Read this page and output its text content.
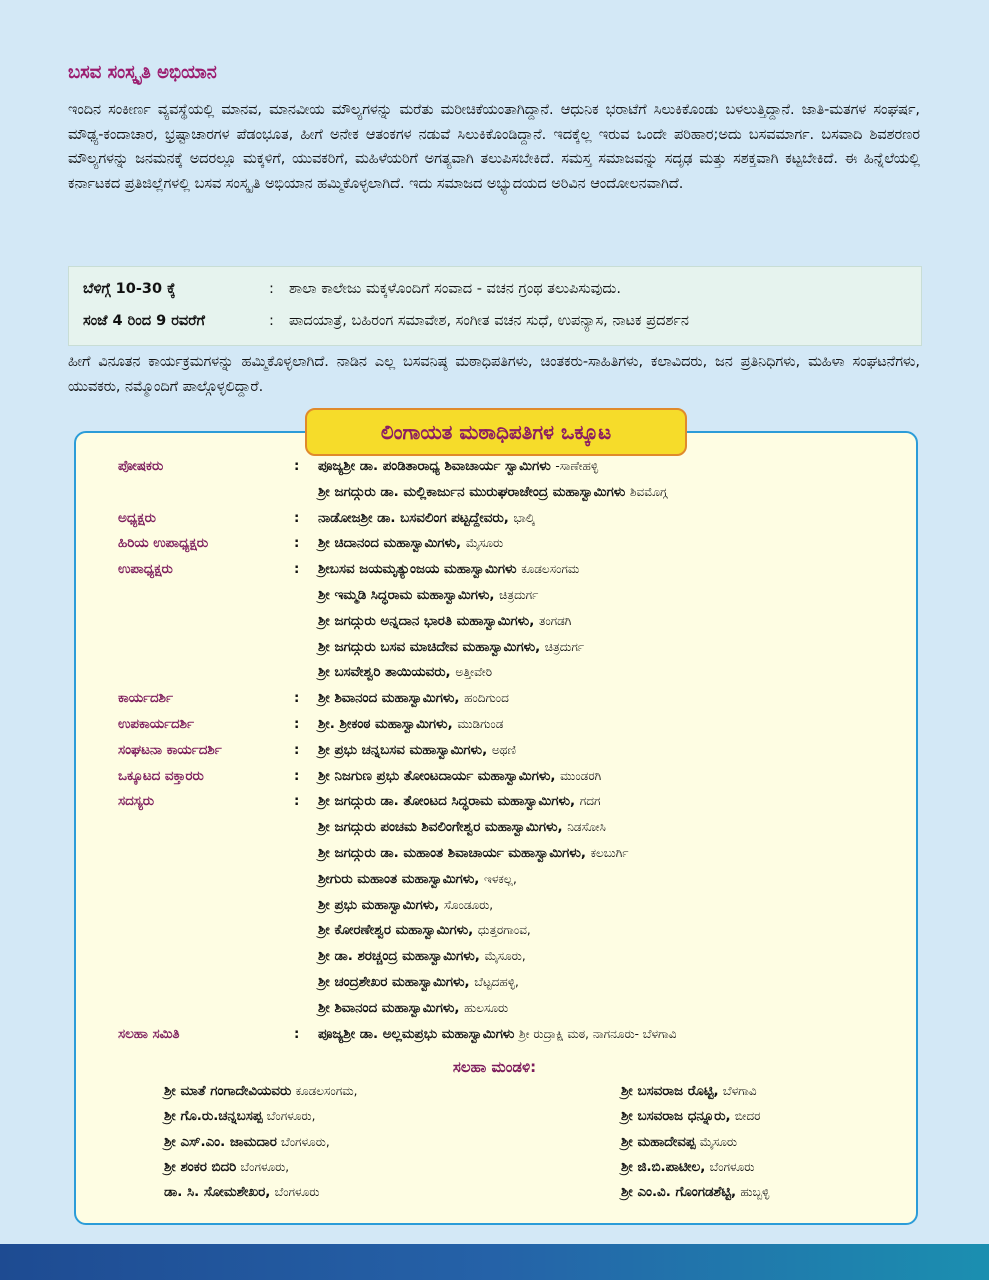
ಬಸವ ಸಂಸ್ಕೃತಿ ಅಭಿಯಾನ
ಇಂದಿನ ಸಂಕೀರ್ಣ ವ್ಯವಸ್ಥೆಯಲ್ಲಿ ಮಾನವ, ಮಾನವೀಯ ಮೌಲ್ಯಗಳನ್ನು ಮರೆತು ಮರೀಚಿಕೆಯಂತಾಗಿದ್ದಾನೆ. ಆಧುನಿಕ ಭರಾಟೆಗೆ ಸಿಲುಕಿಕೊಂಡು ಬಳಲುತ್ತಿದ್ದಾನೆ. ಜಾತಿ-ಮತಗಳ ಸಂಘರ್ಷ, ಮೌಢ್ಯ-ಕಂದಾಚಾರ, ಭ್ರಷ್ಟಾಚಾರಗಳ ಪೆಡಂಭೂತ, ಹೀಗೆ ಅನೇಕ ಆತಂಕಗಳ ನಡುವೆ ಸಿಲುಕಿಕೊಂಡಿದ್ದಾನೆ. ಇದಕ್ಕೆಲ್ಲ ಇರುವ ಒಂದೇ ಪರಿಹಾರ;ಅದು ಬಸವಮಾರ್ಗ. ಬಸವಾದಿ ಶಿವಶರಣರ ಮೌಲ್ಯಗಳನ್ನು ಜನಮನಕ್ಕೆ ಅದರಲ್ಲೂ ಮಕ್ಕಳಿಗೆ, ಯುವಕರಿಗೆ, ಮಹಿಳೆಯರಿಗೆ ಅಗತ್ಯವಾಗಿ ತಲುಪಿಸಬೇಕಿದೆ. ಸಮಸ್ತ ಸಮಾಜವನ್ನು ಸದೃಢ ಮತ್ತು ಸಶಕ್ತವಾಗಿ ಕಟ್ಟಬೇಕಿದೆ. ಈ ಹಿನ್ನೆಲೆಯಲ್ಲಿ ಕರ್ನಾಟಕದ ಪ್ರತಿಜಿಲ್ಲೆಗಳಲ್ಲಿ ಬಸವ ಸಂಸ್ಕೃತಿ ಅಭಿಯಾನ ಹಮ್ಮಿಕೊಳ್ಳಲಾಗಿದೆ. ಇದು ಸಮಾಜದ ಅಭ್ಯುದಯದ ಅರಿವಿನ ಆಂದೋಲನವಾಗಿದೆ.
ಬೆಳಿಗ್ಗೆ 10-30 ಕ್ಕೆ	: ಶಾಲಾ ಕಾಲೇಜು ಮಕ್ಕಳೊಂದಿಗೆ ಸಂವಾದ - ವಚನ ಗ್ರಂಥ ತಲುಪಿಸುವುದು.
ಸಂಜೆ 4 ರಿಂದ 9 ರವರೆಗೆ	: ಪಾದಯಾತ್ರೆ, ಬಹಿರಂಗ ಸಮಾವೇಶ, ಸಂಗೀತ ವಚನ ಸುಧೆ, ಉಪನ್ಯಾಸ, ನಾಟಕ ಪ್ರದರ್ಶನ
ಹೀಗೆ ವಿನೂತನ ಕಾರ್ಯಕ್ರಮಗಳನ್ನು ಹಮ್ಮಿಕೊಳ್ಳಲಾಗಿದೆ. ನಾಡಿನ ಎಲ್ಲ ಬಸವನಿಷ್ಠ ಮಠಾಧಿಪತಿಗಳು, ಚಿಂತಕರು-ಸಾಹಿತಿಗಳು, ಕಲಾವಿದರು, ಜನ ಪ್ರತಿನಿಧಿಗಳು, ಮಹಿಳಾ ಸಂಘಟನೆಗಳು, ಯುವಕರು, ನಮ್ಮೊಂದಿಗೆ ಪಾಲ್ಗೊಳ್ಳಲಿದ್ದಾರೆ.
ಲಿಂಗಾಯತ ಮಠಾಧಿಪತಿಗಳ ಒಕ್ಕೂಟ
ಪೋಷಕರು	: ಪೂಜ್ಯಶ್ರೀ ಡಾ. ಪಂಡಿತಾರಾಧ್ಯ ಶಿವಾಚಾರ್ಯ ಸ್ವಾಮಿಗಳು -ಸಾಣೇಹಳ್ಳಿ
ಶ್ರೀ ಜಗದ್ಗುರು ಡಾ. ಮಲ್ಲಿಕಾರ್ಜುನ ಮುರುಘರಾಜೇಂದ್ರ ಮಹಾಸ್ವಾಮಿಗಳು ಶಿವಮೊಗ್ಗ
ಅಧ್ಯಕ್ಷರು	: ನಾಡೋಜಶ್ರೀ ಡಾ. ಬಸವಲಿಂಗ ಪಟ್ಟದ್ದೇವರು, ಭಾಲ್ಕಿ
ಹಿರಿಯ ಉಪಾಧ್ಯಕ್ಷರು	: ಶ್ರೀ ಚಿದಾನಂದ ಮಹಾಸ್ವಾಮಿಗಳು, ಮೈಸೂರು
ಉಪಾಧ್ಯಕ್ಷರು	: ಶ್ರೀಬಸವ ಜಯಮೃತ್ಯುಂಜಯ ಮಹಾಸ್ವಾಮಿಗಳು ಕೂಡಲಸಂಗಮ
ಶ್ರೀ ಇಮ್ಮಡಿ ಸಿದ್ಧರಾಮ ಮಹಾಸ್ವಾಮಿಗಳು, ಚಿತ್ರದುರ್ಗ
ಶ್ರೀ ಜಗದ್ಗುರು ಅನ್ನದಾನ ಭಾರತಿ ಮಹಾಸ್ವಾಮಿಗಳು, ತಂಗಡಗಿ
ಶ್ರೀ ಜಗದ್ಗುರು ಬಸವ ಮಾಚಿದೇವ ಮಹಾಸ್ವಾಮಿಗಳು, ಚಿತ್ರದುರ್ಗ
ಶ್ರೀ ಬಸವೇಶ್ವರಿ ತಾಯಿಯವರು, ಅತ್ತೀವೇರಿ
ಕಾರ್ಯದರ್ಶಿ	: ಶ್ರೀ ಶಿವಾನಂದ ಮಹಾಸ್ವಾಮಿಗಳು, ಹಂದಿಗುಂದ
ಉಪಕಾರ್ಯದರ್ಶಿ	: ಶ್ರೀ. ಶ್ರೀಕಂಠ ಮಹಾಸ್ವಾಮಿಗಳು, ಮುಡಿಗುಂಡ
ಸಂಘಟನಾ ಕಾರ್ಯದರ್ಶಿ	: ಶ್ರೀ ಪ್ರಭು ಚನ್ನಬಸವ ಮಹಾಸ್ವಾಮಿಗಳು, ಅಥಣಿ
ಒಕ್ಕೂಟದ ವಕ್ತಾರರು	: ಶ್ರೀ ನಿಜಗುಣ ಪ್ರಭು ತೋಂಟದಾರ್ಯ ಮಹಾಸ್ವಾಮಿಗಳು, ಮುಂಡರಗಿ
ಸದಸ್ಯರು	: ಶ್ರೀ ಜಗದ್ಗುರು ಡಾ. ತೋಂಟದ ಸಿದ್ಧರಾಮ ಮಹಾಸ್ವಾಮಿಗಳು, ಗದಗ
ಶ್ರೀ ಜಗದ್ಗುರು ಪಂಚಮ ಶಿವಲಿಂಗೇಶ್ವರ ಮಹಾಸ್ವಾಮಿಗಳು, ನಿಡಸೋಸಿ
ಶ್ರೀ ಜಗದ್ಗುರು ಡಾ. ಮಹಾಂತ ಶಿವಾಚಾರ್ಯ ಮಹಾಸ್ವಾಮಿಗಳು, ಕಲಬುರ್ಗಿ
ಶ್ರೀಗುರು ಮಹಾಂತ ಮಹಾಸ್ವಾಮಿಗಳು, ಇಳಕಲ್ಲ,
ಶ್ರೀ ಪ್ರಭು ಮಹಾಸ್ವಾಮಿಗಳು, ಸೊಂಡೂರು,
ಶ್ರೀ ಕೋರಣೇಶ್ವರ ಮಹಾಸ್ವಾಮಿಗಳು, ಧುತ್ತರಗಾಂವ,
ಶ್ರೀ ಡಾ. ಶರಚ್ಚಂದ್ರ ಮಹಾಸ್ವಾಮಿಗಳು, ಮೈಸೂರು,
ಶ್ರೀ ಚಂದ್ರಶೇಖರ ಮಹಾಸ್ವಾಮಿಗಳು, ಬೆಟ್ಟದಹಳ್ಳಿ,
ಶ್ರೀ ಶಿವಾನಂದ ಮಹಾಸ್ವಾಮಿಗಳು, ಹುಲಸೂರು
ಸಲಹಾ ಸಮಿತಿ	: ಪೂಜ್ಯಶ್ರೀ ಡಾ. ಅಲ್ಲಮಪ್ರಭು ಮಹಾಸ್ವಾಮಿಗಳು ಶ್ರೀ ರುದ್ರಾಕ್ಷಿ ಮಠ, ನಾಗನೂರು- ಬೆಳಗಾವಿ
ಸಲಹಾ ಮಂಡಳಿ:
ಶ್ರೀ ಮಾತೆ ಗಂಗಾದೇವಿಯವರು ಕೂಡಲಸಂಗಮ,
ಶ್ರೀ ಗೊ.ರು.ಚನ್ನಬಸಪ್ಪ ಬೆಂಗಳೂರು,
ಶ್ರೀ ಎಸ್.ಎಂ. ಜಾಮದಾರ ಬೆಂಗಳೂರು,
ಶ್ರೀ ಶಂಕರ ಬಿದರಿ ಬೆಂಗಳೂರು,
ಡಾ. ಸಿ. ಸೋಮಶೇಖರ, ಬೆಂಗಳೂರು
ಶ್ರೀ ಬಸವರಾಜ ರೊಟ್ಟಿ, ಬೆಳಗಾವಿ
ಶ್ರೀ ಬಸವರಾಜ ಧನ್ನೂರು, ಬೀದರ
ಶ್ರೀ ಮಹಾದೇವಪ್ಪ ಮೈಸೂರು
ಶ್ರೀ ಜಿ.ಬಿ.ಪಾಟೀಲ, ಬೆಂಗಳೂರು
ಶ್ರೀ ಎಂ.ವಿ. ಗೊಂಗಡಶೆಟ್ಟಿ, ಹುಬ್ಬಳ್ಳಿ
